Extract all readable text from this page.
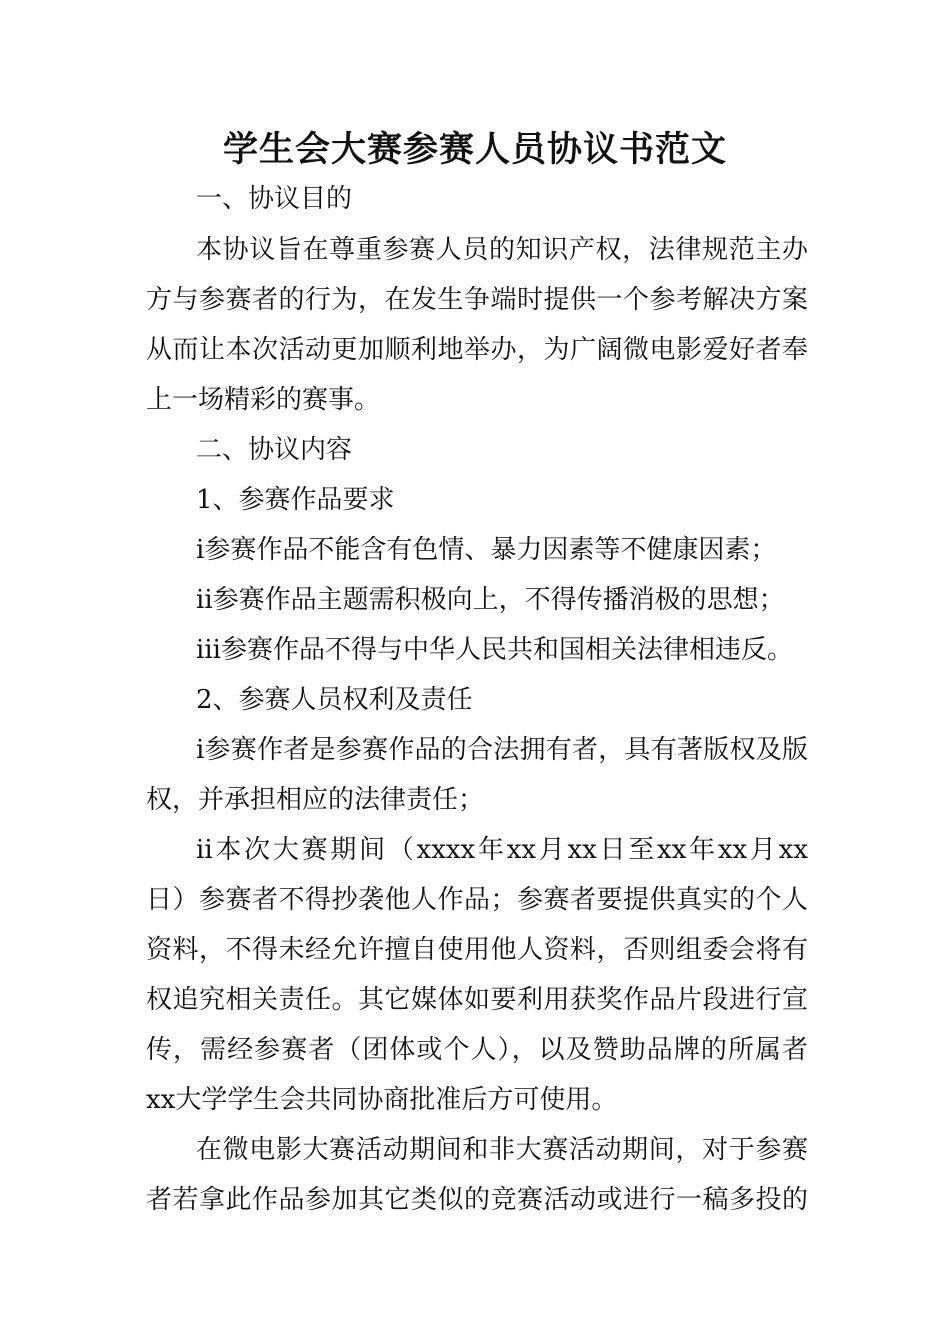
学生会大赛参赛人员协议书范文
一、协议目的
本协议旨在尊重参赛人员的知识产权，法律规范主办
方与参赛者的行为，在发生争端时提供一个参考解决方案
从而让本次活动更加顺利地举办，为广阔微电影爱好者奉
上一场精彩的赛事。
二、协议内容
1、参赛作品要求
i参赛作品不能含有色情、暴力因素等不健康因素；
ii参赛作品主题需积极向上，不得传播消极的思想；
iii参赛作品不得与中华人民共和国相关法律相违反。
2、参赛人员权利及责任
i参赛作者是参赛作品的合法拥有者，具有著版权及版
权，并承担相应的法律责任；
ii本次大赛期间（xxxx年xx月xx日至xx年xx月xx
日）参赛者不得抄袭他人作品；参赛者要提供真实的个人
资料，不得未经允许擅自使用他人资料，否则组委会将有
权追究相关责任。其它媒体如要利用获奖作品片段进行宣
传，需经参赛者（团体或个人），以及赞助品牌的所属者
xx大学学生会共同协商批准后方可使用。
在微电影大赛活动期间和非大赛活动期间，对于参赛
者若拿此作品参加其它类似的竞赛活动或进行一稿多投的
